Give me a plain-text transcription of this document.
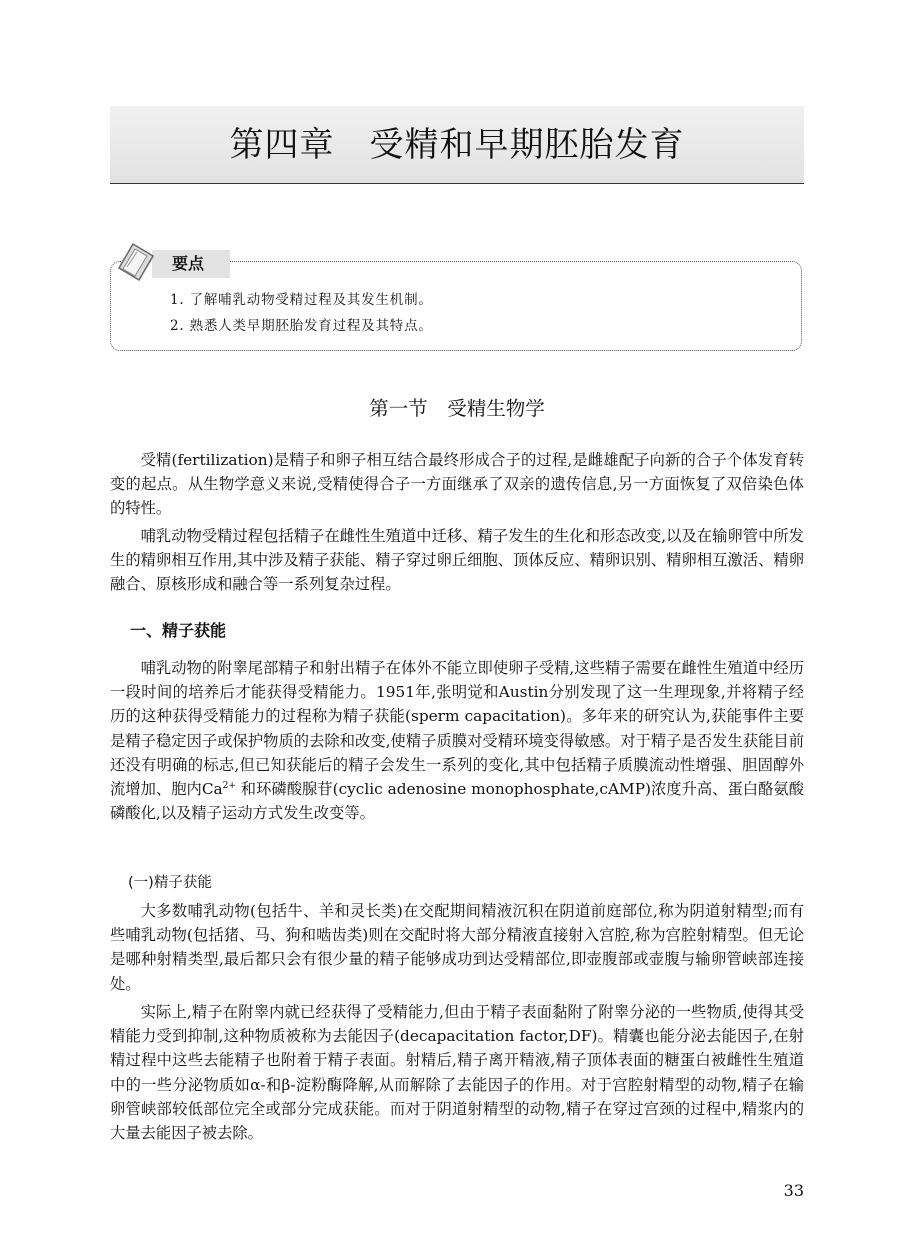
第四章　受精和早期胚胎发育
要点
1. 了解哺乳动物受精过程及其发生机制。
2. 熟悉人类早期胚胎发育过程及其特点。
第一节　受精生物学

受精(fertilization)是精子和卵子相互结合最终形成合子的过程,是雌雄配子向新的合子个体发育转变的起点。从生物学意义来说,受精使得合子一方面继承了双亲的遗传信息,另一方面恢复了双倍染色体的特性。

哺乳动物受精过程包括精子在雌性生殖道中迁移、精子发生的生化和形态改变,以及在输卵管中所发生的精卵相互作用,其中涉及精子获能、精子穿过卵丘细胞、顶体反应、精卵识别、精卵相互激活、精卵融合、原核形成和融合等一系列复杂过程。

一、精子获能

哺乳动物的附睾尾部精子和射出精子在体外不能立即使卵子受精,这些精子需要在雌性生殖道中经历一段时间的培养后才能获得受精能力。1951年,张明觉和Austin分别发现了这一生理现象,并将精子经历的这种获得受精能力的过程称为精子获能(sperm capacitation)。多年来的研究认为,获能事件主要是精子稳定因子或保护物质的去除和改变,使精子质膜对受精环境变得敏感。对于精子是否发生获能目前还没有明确的标志,但已知获能后的精子会发生一系列的变化,其中包括精子质膜流动性增强、胆固醇外流增加、胞内$Ca^{2+}$ 和环磷酸腺苷(cyclic adenosine monophosphate,cAMP)浓度升高、蛋白酪氨酸磷酸化,以及精子运动方式发生改变等。

(一)精子获能

大多数哺乳动物(包括牛、羊和灵长类)在交配期间精液沉积在阴道前庭部位,称为阴道射精型;而有些哺乳动物(包括猪、马、狗和啮齿类)则在交配时将大部分精液直接射入宫腔,称为宫腔射精型。但无论是哪种射精类型,最后都只会有很少量的精子能够成功到达受精部位,即壶腹部或壶腹与输卵管峡部连接处。

实际上,精子在附睾内就已经获得了受精能力,但由于精子表面黏附了附睾分泌的一些物质,使得其受精能力受到抑制,这种物质被称为去能因子(decapacitation factor,DF)。精囊也能分泌去能因子,在射精过程中这些去能精子也附着于精子表面。射精后,精子离开精液,精子顶体表面的糖蛋白被雌性生殖道中的一些分泌物质如α-和β-淀粉酶降解,从而解除了去能因子的作用。对于宫腔射精型的动物,精子在输卵管峡部较低部位完全或部分完成获能。而对于阴道射精型的动物,精子在穿过宫颈的过程中,精浆内的大量去能因子被去除。

33
